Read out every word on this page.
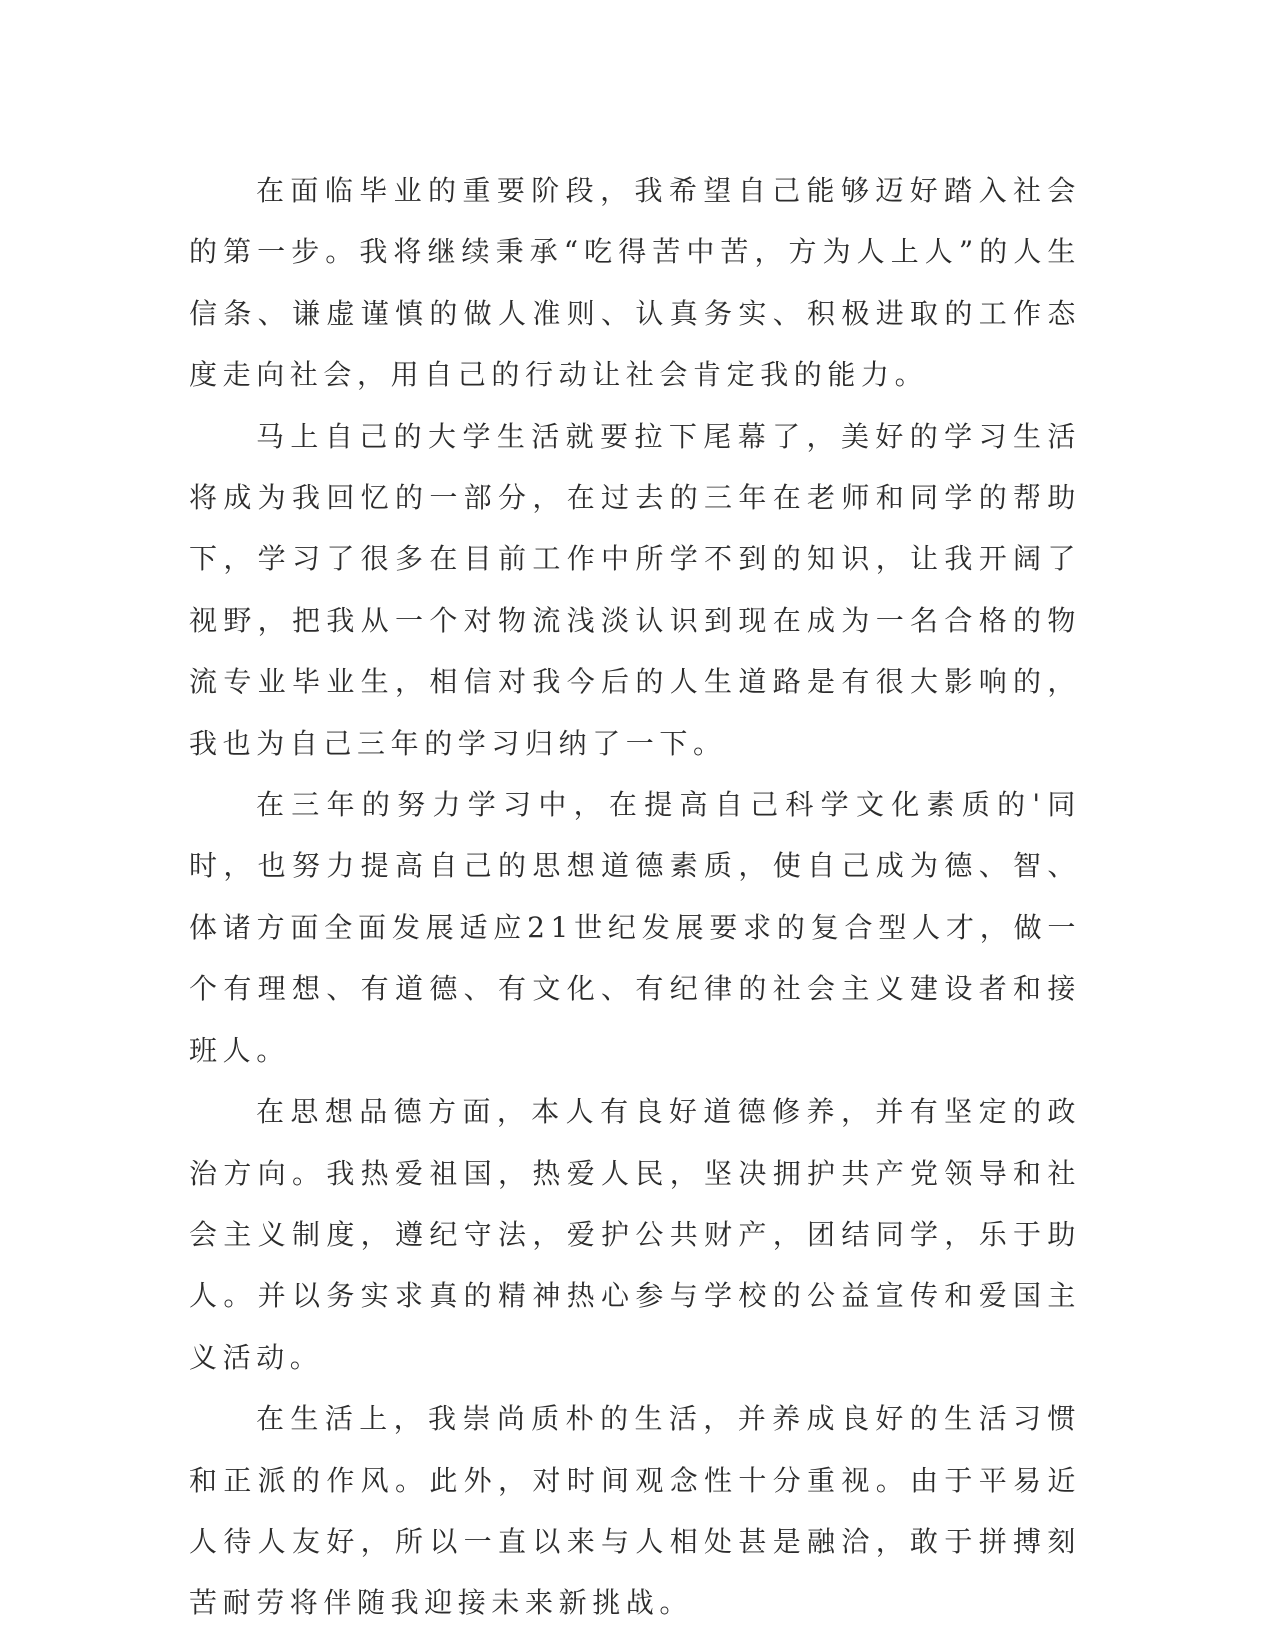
在面临毕业的重要阶段，我希望自己能够迈好踏入社会的第一步。我将继续秉承“吃得苦中苦，方为人上人”的人生信条、谦虚谨慎的做人准则、认真务实、积极进取的工作态度走向社会，用自己的行动让社会肯定我的能力。

马上自己的大学生活就要拉下尾幕了，美好的学习生活将成为我回忆的一部分，在过去的三年在老师和同学的帮助下，学习了很多在目前工作中所学不到的知识，让我开阔了视野，把我从一个对物流浅淡认识到现在成为一名合格的物流专业毕业生，相信对我今后的人生道路是有很大影响的，我也为自己三年的学习归纳了一下。

在三年的努力学习中，在提高自己科学文化素质的'同时，也努力提高自己的思想道德素质，使自己成为德、智、体诸方面全面发展适应21世纪发展要求的复合型人才，做一个有理想、有道德、有文化、有纪律的社会主义建设者和接班人。

在思想品德方面，本人有良好道德修养，并有坚定的政治方向。我热爱祖国，热爱人民，坚决拥护共产党领导和社会主义制度，遵纪守法，爱护公共财产，团结同学，乐于助人。并以务实求真的精神热心参与学校的公益宣传和爱国主义活动。

在生活上，我崇尚质朴的生活，并养成良好的生活习惯和正派的作风。此外，对时间观念性十分重视。由于平易近人待人友好，所以一直以来与人相处甚是融洽，敢于拼搏刻苦耐劳将伴随我迎接未来新挑战。
